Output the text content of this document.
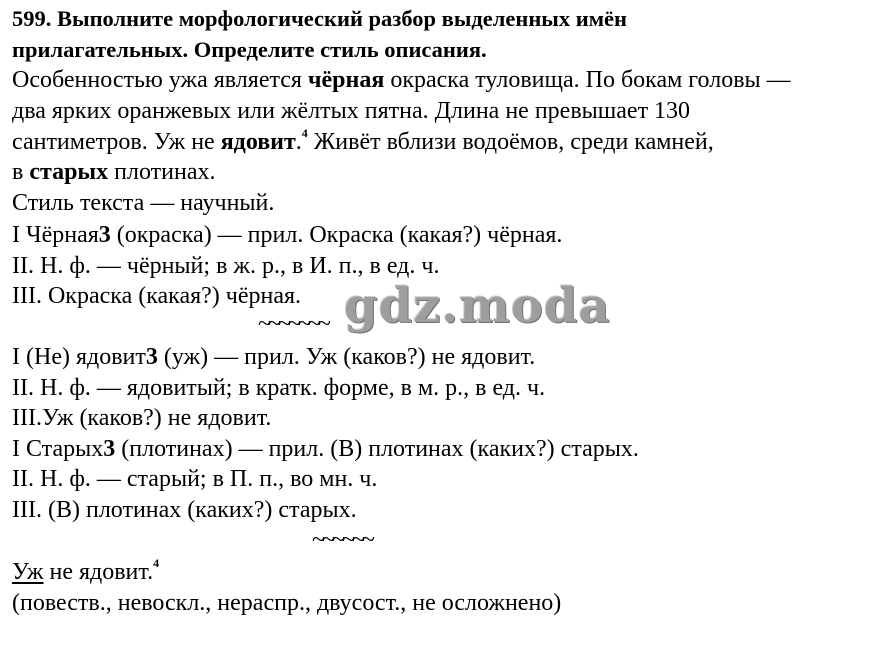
599. Выполните морфологический разбор выделенных имён
прилагательных. Определите стиль описания.
Особенностью ужа является чёрная окраска туловища. По бокам головы —
два ярких оранжевых или жёлтых пятна. Длина не превышает 130
сантиметров. Уж не ядовит.$^4$ Живёт вблизи водоёмов, среди камней,
в старых плотинах.
Стиль текста — научный.
I Чёрная3 (окраска) — прил. Окраска (какая?) чёрная.
II. Н. ф. — чёрный; в ж. р., в И. п., в ед. ч.
III. Окраска (какая?) чёрная.
~~~~~~~
I (Не) ядовит3 (уж) — прил. Уж (каков?) не ядовит.
II. Н. ф. — ядовитый; в кратк. форме, в м. р., в ед. ч.
III.Уж (каков?) не ядовит.
I Старых3 (плотинах) — прил. (В) плотинах (каких?) старых.
II. Н. ф. — старый; в П. п., во мн. ч.
III. (В) плотинах (каких?) старых.
~~~~~~
Уж не ядовит.$^4$
(повеств., невоскл., нераспр., двусост., не осложнено)
gdz.moda
